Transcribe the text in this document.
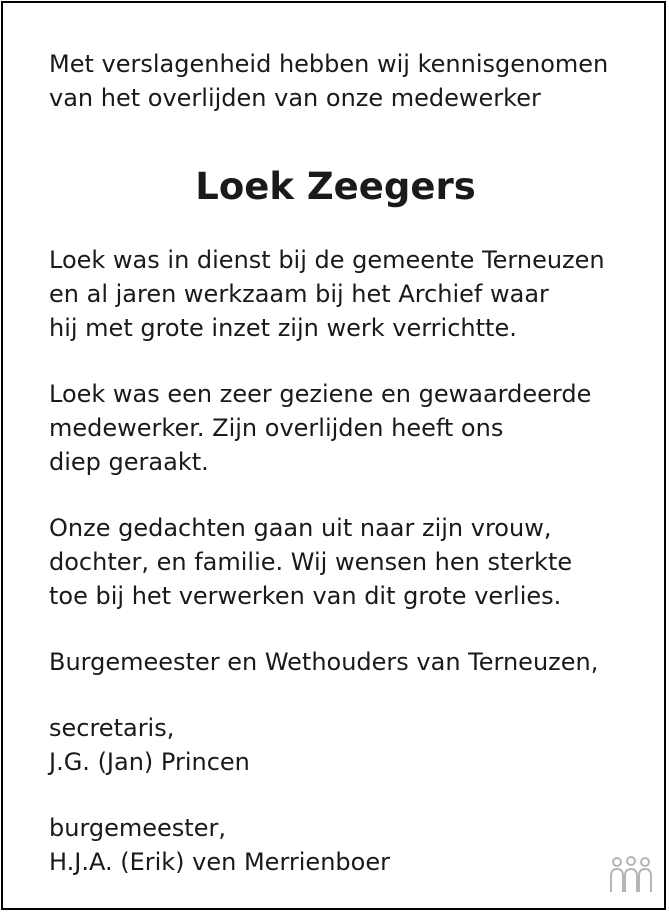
Met verslagenheid hebben wij kennisgenomen
van het overlijden van onze medewerker
Loek Zeegers
Loek was in dienst bij de gemeente Terneuzen
en al jaren werkzaam bij het Archief waar
hij met grote inzet zijn werk verrichtte.
Loek was een zeer geziene en gewaardeerde
medewerker. Zijn overlijden heeft ons
diep geraakt.
Onze gedachten gaan uit naar zijn vrouw,
dochter, en familie. Wij wensen hen sterkte
toe bij het verwerken van dit grote verlies.
Burgemeester en Wethouders van Terneuzen,
secretaris,
J.G. (Jan) Princen
burgemeester,
H.J.A. (Erik) ven Merrienboer
